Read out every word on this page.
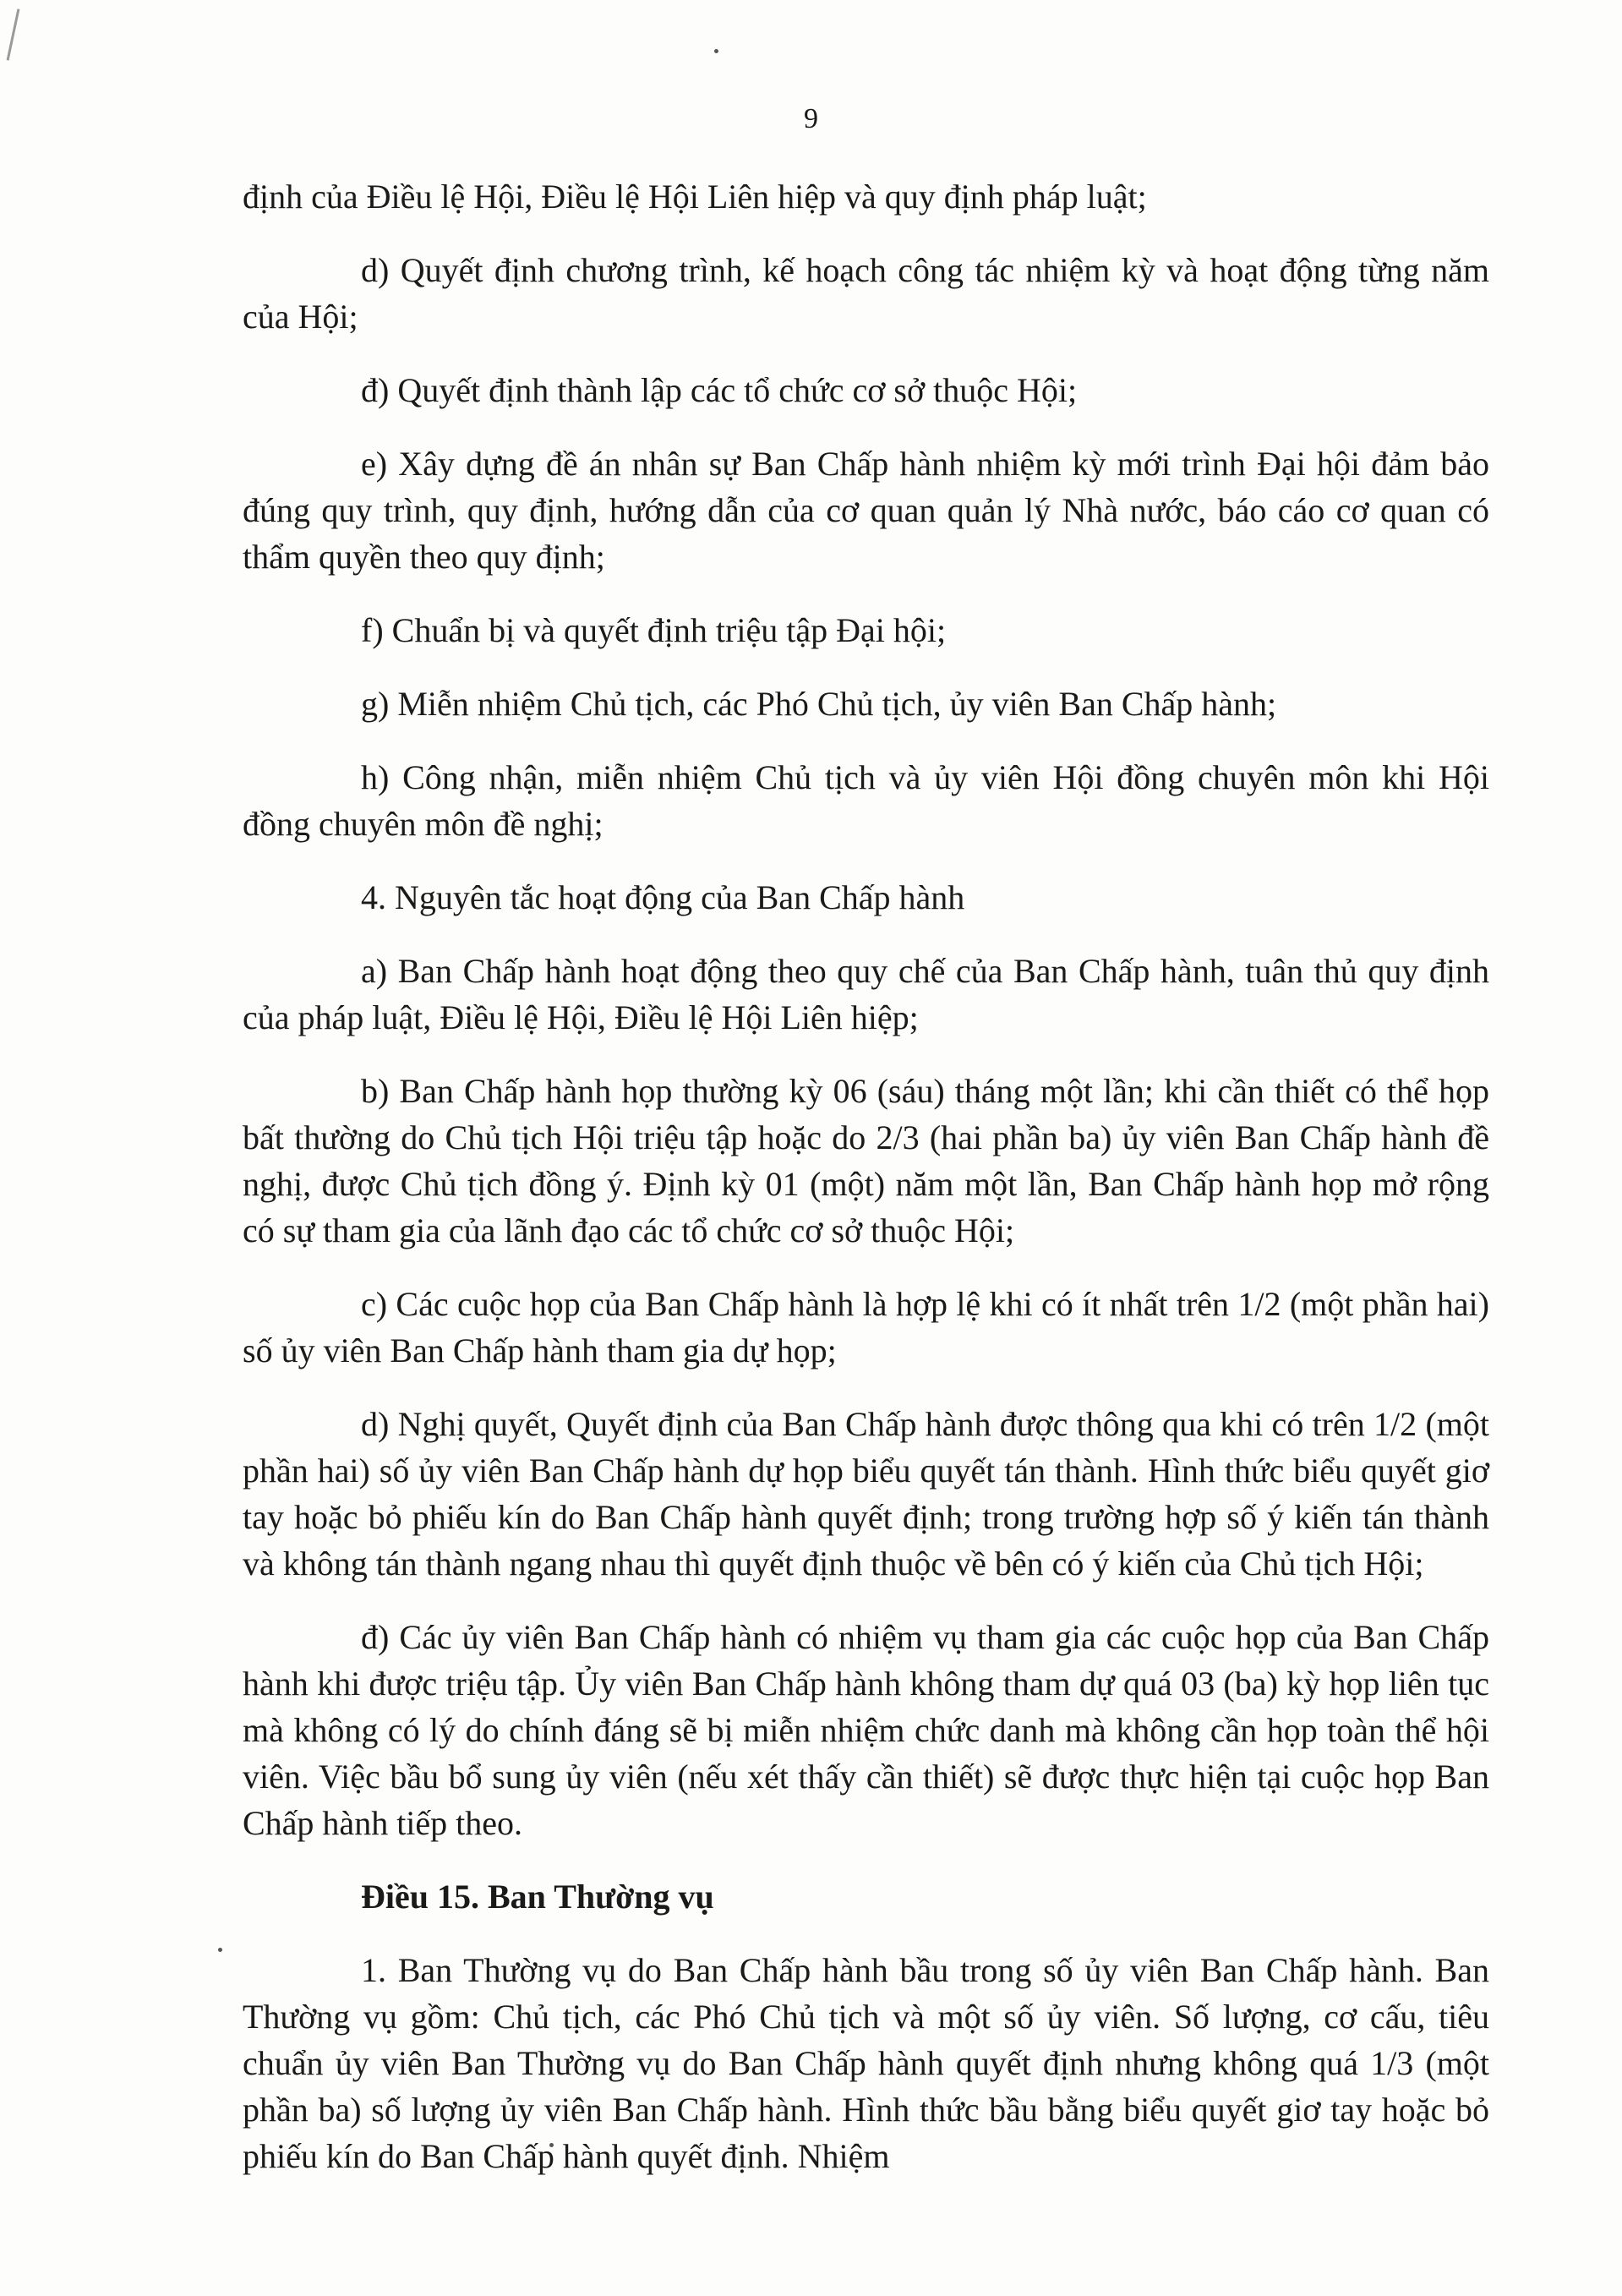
9

định của Điều lệ Hội, Điều lệ Hội Liên hiệp và quy định pháp luật;

d) Quyết định chương trình, kế hoạch công tác nhiệm kỳ và hoạt động từng năm của Hội;

đ) Quyết định thành lập các tổ chức cơ sở thuộc Hội;

e) Xây dựng đề án nhân sự Ban Chấp hành nhiệm kỳ mới trình Đại hội đảm bảo đúng quy trình, quy định, hướng dẫn của cơ quan quản lý Nhà nước, báo cáo cơ quan có thẩm quyền theo quy định;

f) Chuẩn bị và quyết định triệu tập Đại hội;

g) Miễn nhiệm Chủ tịch, các Phó Chủ tịch, ủy viên Ban Chấp hành;

h) Công nhận, miễn nhiệm Chủ tịch và ủy viên Hội đồng chuyên môn khi Hội đồng chuyên môn đề nghị;

4. Nguyên tắc hoạt động của Ban Chấp hành

a) Ban Chấp hành hoạt động theo quy chế của Ban Chấp hành, tuân thủ quy định của pháp luật, Điều lệ Hội, Điều lệ Hội Liên hiệp;

b) Ban Chấp hành họp thường kỳ 06 (sáu) tháng một lần; khi cần thiết có thể họp bất thường do Chủ tịch Hội triệu tập hoặc do 2/3 (hai phần ba) ủy viên Ban Chấp hành đề nghị, được Chủ tịch đồng ý. Định kỳ 01 (một) năm một lần, Ban Chấp hành họp mở rộng có sự tham gia của lãnh đạo các tổ chức cơ sở thuộc Hội;

c) Các cuộc họp của Ban Chấp hành là hợp lệ khi có ít nhất trên 1/2 (một phần hai) số ủy viên Ban Chấp hành tham gia dự họp;

d) Nghị quyết, Quyết định của Ban Chấp hành được thông qua khi có trên 1/2 (một phần hai) số ủy viên Ban Chấp hành dự họp biểu quyết tán thành. Hình thức biểu quyết giơ tay hoặc bỏ phiếu kín do Ban Chấp hành quyết định; trong trường hợp số ý kiến tán thành và không tán thành ngang nhau thì quyết định thuộc về bên có ý kiến của Chủ tịch Hội;

đ) Các ủy viên Ban Chấp hành có nhiệm vụ tham gia các cuộc họp của Ban Chấp hành khi được triệu tập. Ủy viên Ban Chấp hành không tham dự quá 03 (ba) kỳ họp liên tục mà không có lý do chính đáng sẽ bị miễn nhiệm chức danh mà không cần họp toàn thể hội viên. Việc bầu bổ sung ủy viên (nếu xét thấy cần thiết) sẽ được thực hiện tại cuộc họp Ban Chấp hành tiếp theo.

Điều 15. Ban Thường vụ

1. Ban Thường vụ do Ban Chấp hành bầu trong số ủy viên Ban Chấp hành. Ban Thường vụ gồm: Chủ tịch, các Phó Chủ tịch và một số ủy viên. Số lượng, cơ cấu, tiêu chuẩn ủy viên Ban Thường vụ do Ban Chấp hành quyết định nhưng không quá 1/3 (một phần ba) số lượng ủy viên Ban Chấp hành. Hình thức bầu bằng biểu quyết giơ tay hoặc bỏ phiếu kín do Ban Chấp hành quyết định. Nhiệm
